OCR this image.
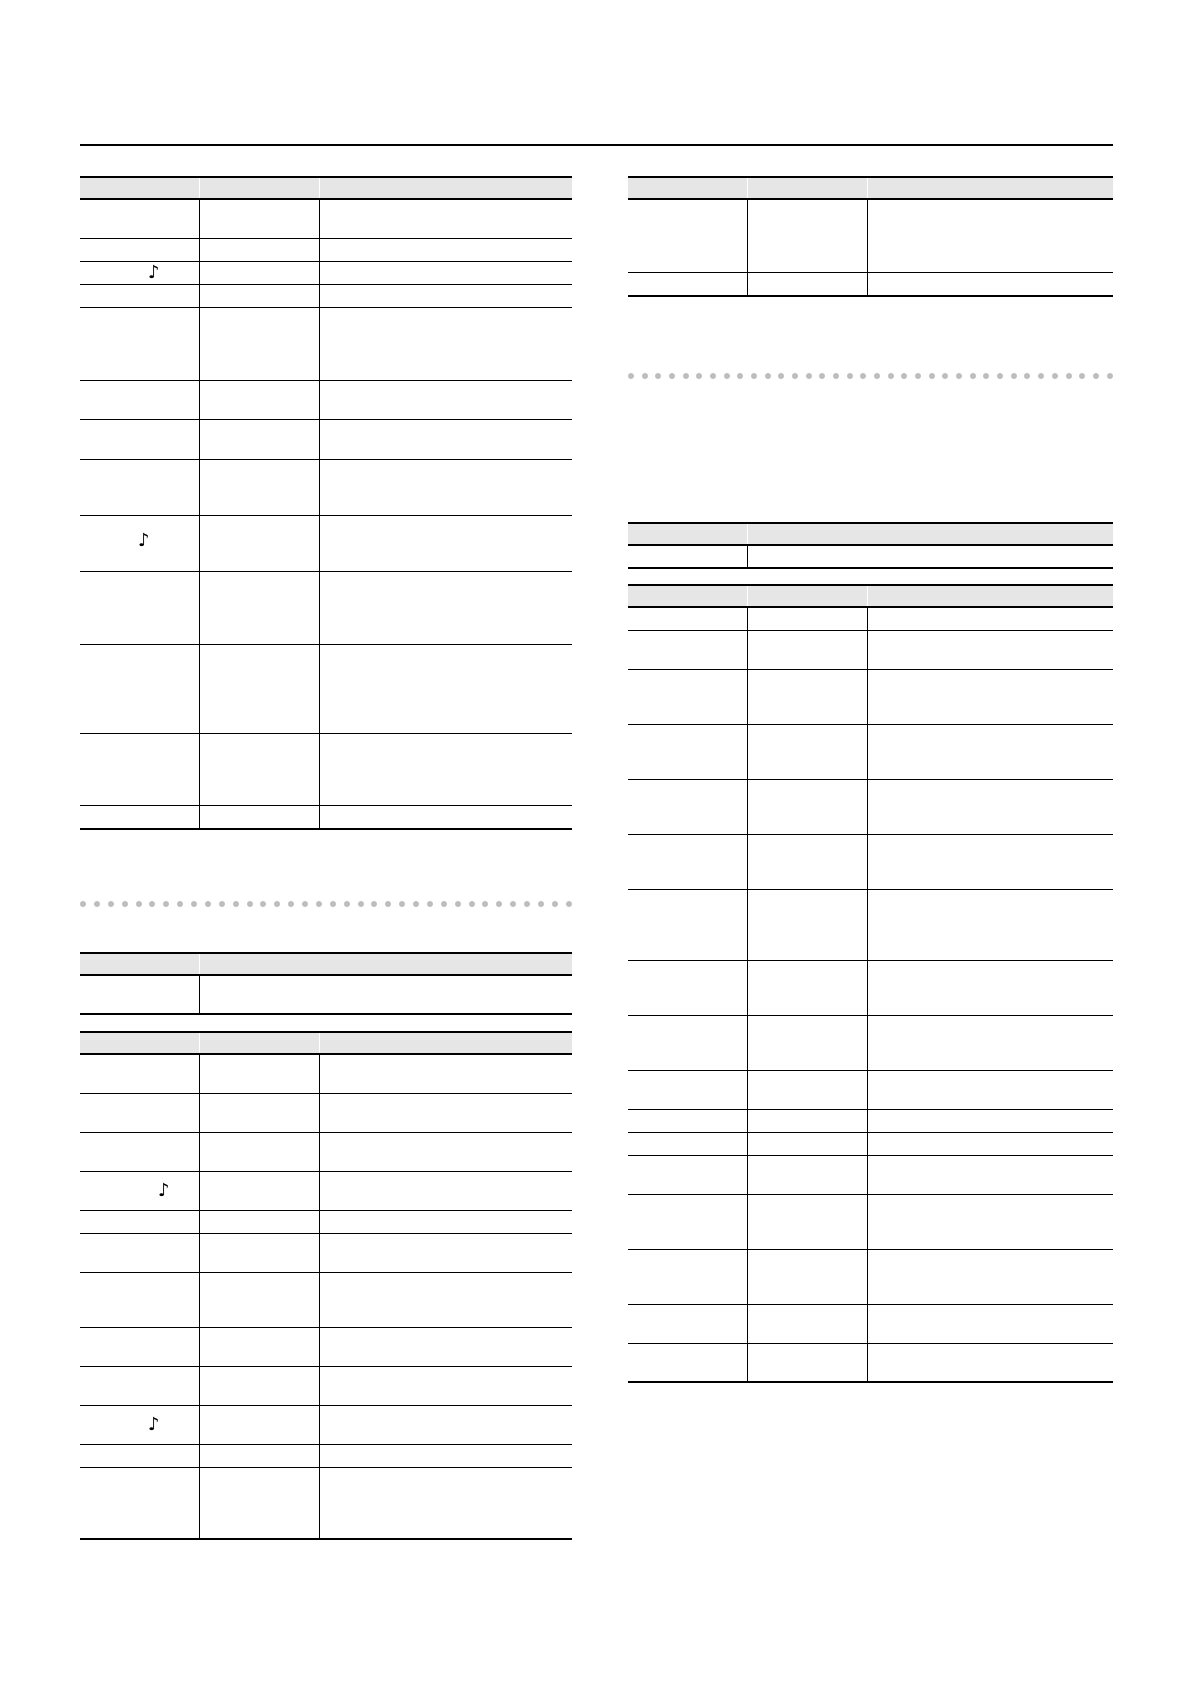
♪
♪
♪
♪
